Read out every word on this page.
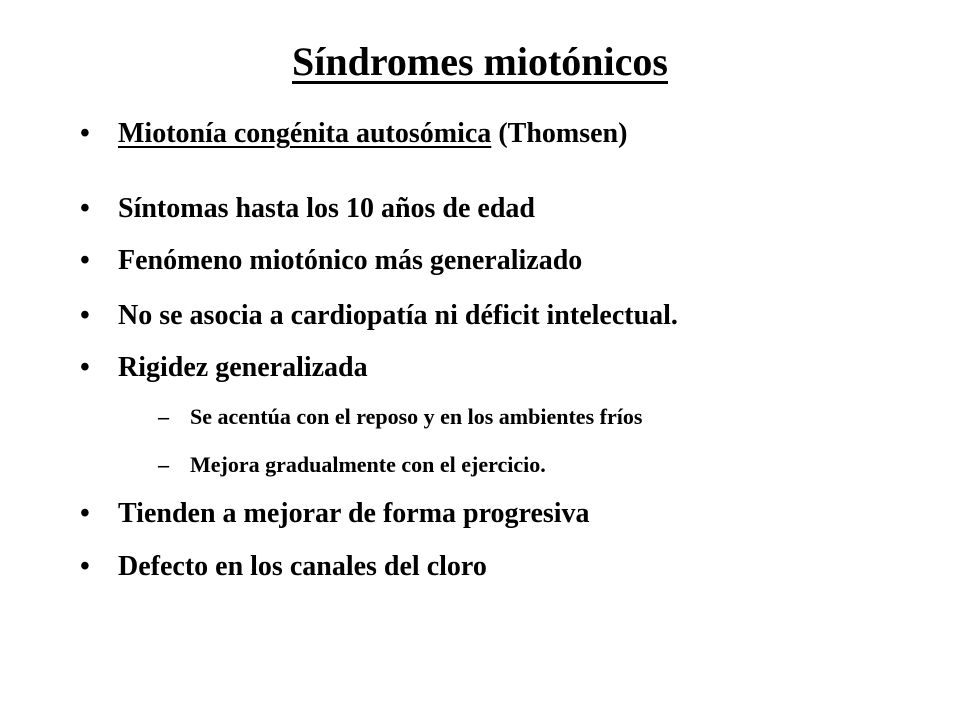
Síndromes miotónicos
• Miotonía congénita autosómica (Thomsen)
• Síntomas hasta los 10 años de edad
• Fenómeno miotónico más generalizado
• No se asocia a cardiopatía ni déficit intelectual.
• Rigidez generalizada
– Se acentúa con el reposo y en los ambientes fríos
– Mejora gradualmente con el ejercicio.
• Tienden a mejorar de forma progresiva
• Defecto en los canales del cloro
